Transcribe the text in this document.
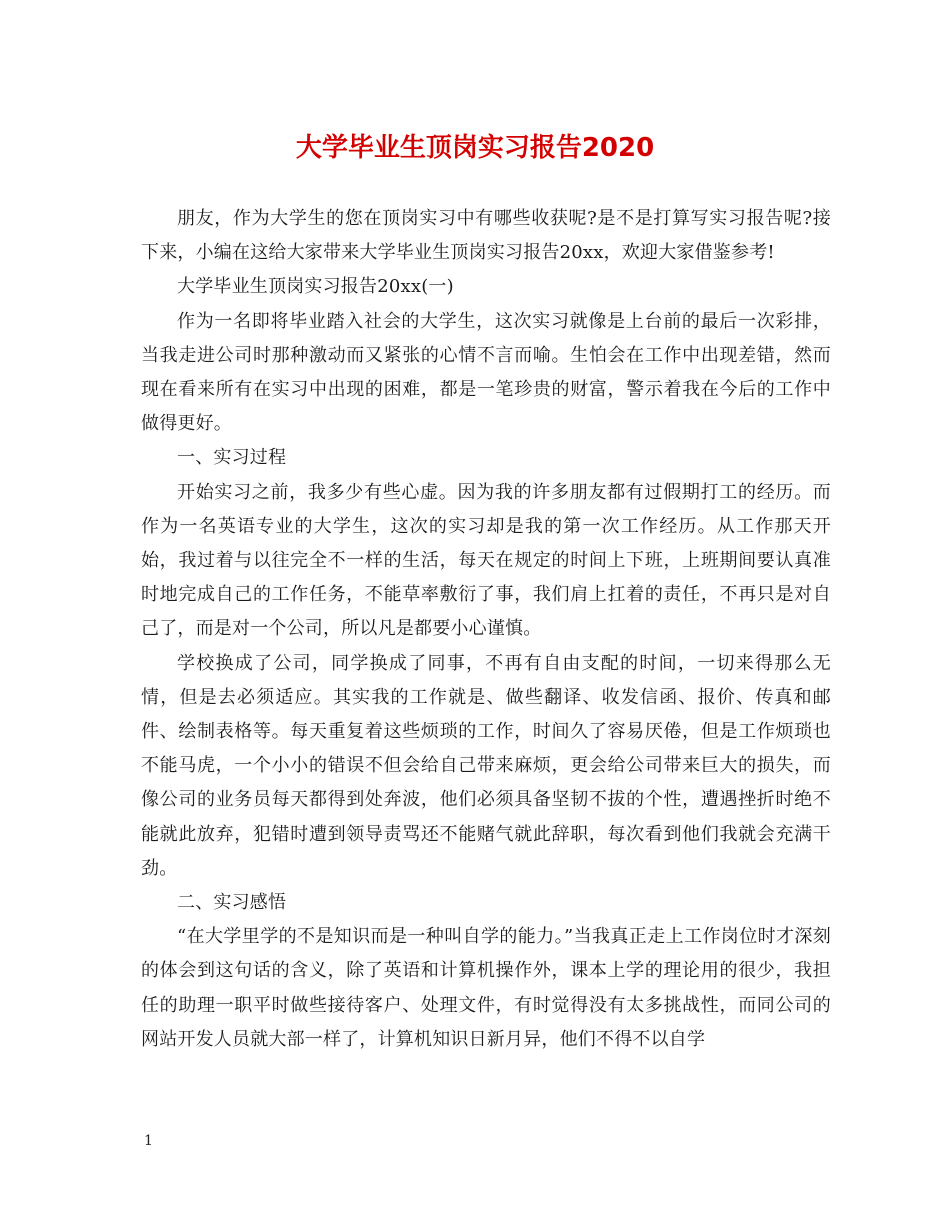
大学毕业生顶岗实习报告2020

朋友，作为大学生的您在顶岗实习中有哪些收获呢?是不是打算写实习报告呢?接下来，小编在这给大家带来大学毕业生顶岗实习报告20xx，欢迎大家借鉴参考!

大学毕业生顶岗实习报告20xx(一)

作为一名即将毕业踏入社会的大学生，这次实习就像是上台前的最后一次彩排，当我走进公司时那种激动而又紧张的心情不言而喻。生怕会在工作中出现差错，然而现在看来所有在实习中出现的困难，都是一笔珍贵的财富，警示着我在今后的工作中做得更好。

一、实习过程

开始实习之前，我多少有些心虚。因为我的许多朋友都有过假期打工的经历。而作为一名英语专业的大学生，这次的实习却是我的第一次工作经历。从工作那天开始，我过着与以往完全不一样的生活，每天在规定的时间上下班，上班期间要认真准时地完成自己的工作任务，不能草率敷衍了事，我们肩上扛着的责任，不再只是对自己了，而是对一个公司，所以凡是都要小心谨慎。

学校换成了公司，同学换成了同事，不再有自由支配的时间，一切来得那么无情，但是去必须适应。其实我的工作就是、做些翻译、收发信函、报价、传真和邮件、绘制表格等。每天重复着这些烦琐的工作，时间久了容易厌倦，但是工作烦琐也不能马虎，一个小小的错误不但会给自己带来麻烦，更会给公司带来巨大的损失，而像公司的业务员每天都得到处奔波，他们必须具备坚韧不拔的个性，遭遇挫折时绝不能就此放弃，犯错时遭到领导责骂还不能赌气就此辞职，每次看到他们我就会充满干劲。

二、实习感悟

“在大学里学的不是知识而是一种叫自学的能力。”当我真正走上工作岗位时才深刻的体会到这句话的含义，除了英语和计算机操作外，课本上学的理论用的很少，我担任的助理一职平时做些接待客户、处理文件，有时觉得没有太多挑战性，而同公司的网站开发人员就大部一样了，计算机知识日新月异，他们不得不以自学

1
